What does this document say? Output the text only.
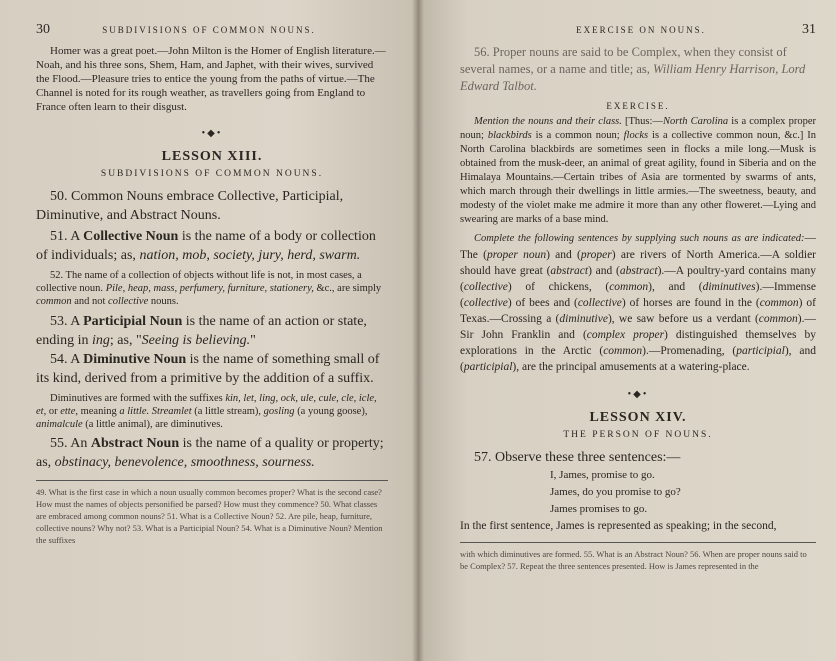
30	SUBDIVISIONS OF COMMON NOUNS.

Homer was a great poet.—John Milton is the Homer of English literature.—Noah, and his three sons, Shem, Ham, and Japhet, with their wives, survived the Flood.—Pleasure tries to entice the young from the paths of virtue.—The Channel is noted for its rough weather, as travellers going from England to France often learn to their disgust.

•◆•
LESSON XIII.
SUBDIVISIONS OF COMMON NOUNS.

50. Common Nouns embrace Collective, Participial, Diminutive, and Abstract Nouns.

51. A Collective Noun is the name of a body or collection of individuals; as, nation, mob, society, jury, herd, swarm.

52. The name of a collection of objects without life is not, in most cases, a collective noun. Pile, heap, mass, perfumery, furniture, stationery, &c., are simply common and not collective nouns.

53. A Participial Noun is the name of an action or state, ending in ing; as, "Seeing is believing."

54. A Diminutive Noun is the name of something small of its kind, derived from a primitive by the addition of a suffix.

Diminutives are formed with the suffixes kin, let, ling, ock, ule, cule, cle, icle, et, or ette, meaning a little. Streamlet (a little stream), gosling (a young goose), animalcule (a little animal), are diminutives.

55. An Abstract Noun is the name of a quality or property; as, obstinacy, benevolence, smoothness, sourness.

49. What is the first case in which a noun usually common becomes proper? What is the second case? How must the names of objects personified be parsed? How must they commence? 50. What classes are embraced among common nouns? 51. What is a Collective Noun? 52. Are pile, heap, furniture, collective nouns? Why not? 53. What is a Participial Noun? 54. What is a Diminutive Noun? Mention the suffixes

EXERCISE ON NOUNS.	31

56. Proper nouns are said to be Complex, when they consist of several names, or a name and title; as, William Henry Harrison, Lord Edward Talbot.

EXERCISE.

Mention the nouns and their class. [Thus:—North Carolina is a complex proper noun; blackbirds is a common noun; flocks is a collective common noun, &c.] In North Carolina blackbirds are sometimes seen in flocks a mile long.—Musk is obtained from the musk-deer, an animal of great agility, found in Siberia and on the Himalaya Mountains.—Certain tribes of Asia are tormented by swarms of ants, which march through their dwellings in little armies.—The sweetness, beauty, and modesty of the violet make me admire it more than any other floweret.—Lying and swearing are marks of a base mind.

Complete the following sentences by supplying such nouns as are indicated:—The (proper noun) and (proper) are rivers of North America.—A soldier should have great (abstract) and (abstract).—A poultry-yard contains many (collective) of chickens, (common), and (diminutives).—Immense (collective) of bees and (collective) of horses are found in the (common) of Texas.—Crossing a (diminutive), we saw before us a verdant (common).—Sir John Franklin and (complex proper) distinguished themselves by explorations in the Arctic (common).—Promenading, (participial), and (participial), are the principal amusements at a watering-place.

•◆•
LESSON XIV.
THE PERSON OF NOUNS.

57. Observe these three sentences:—

I, James, promise to go.
James, do you promise to go?
James promises to go.

In the first sentence, James is represented as speaking; in the second,

with which diminutives are formed. 55. What is an Abstract Noun? 56. When are proper nouns said to be Complex? 57. Repeat the three sentences presented. How is James represented in the
